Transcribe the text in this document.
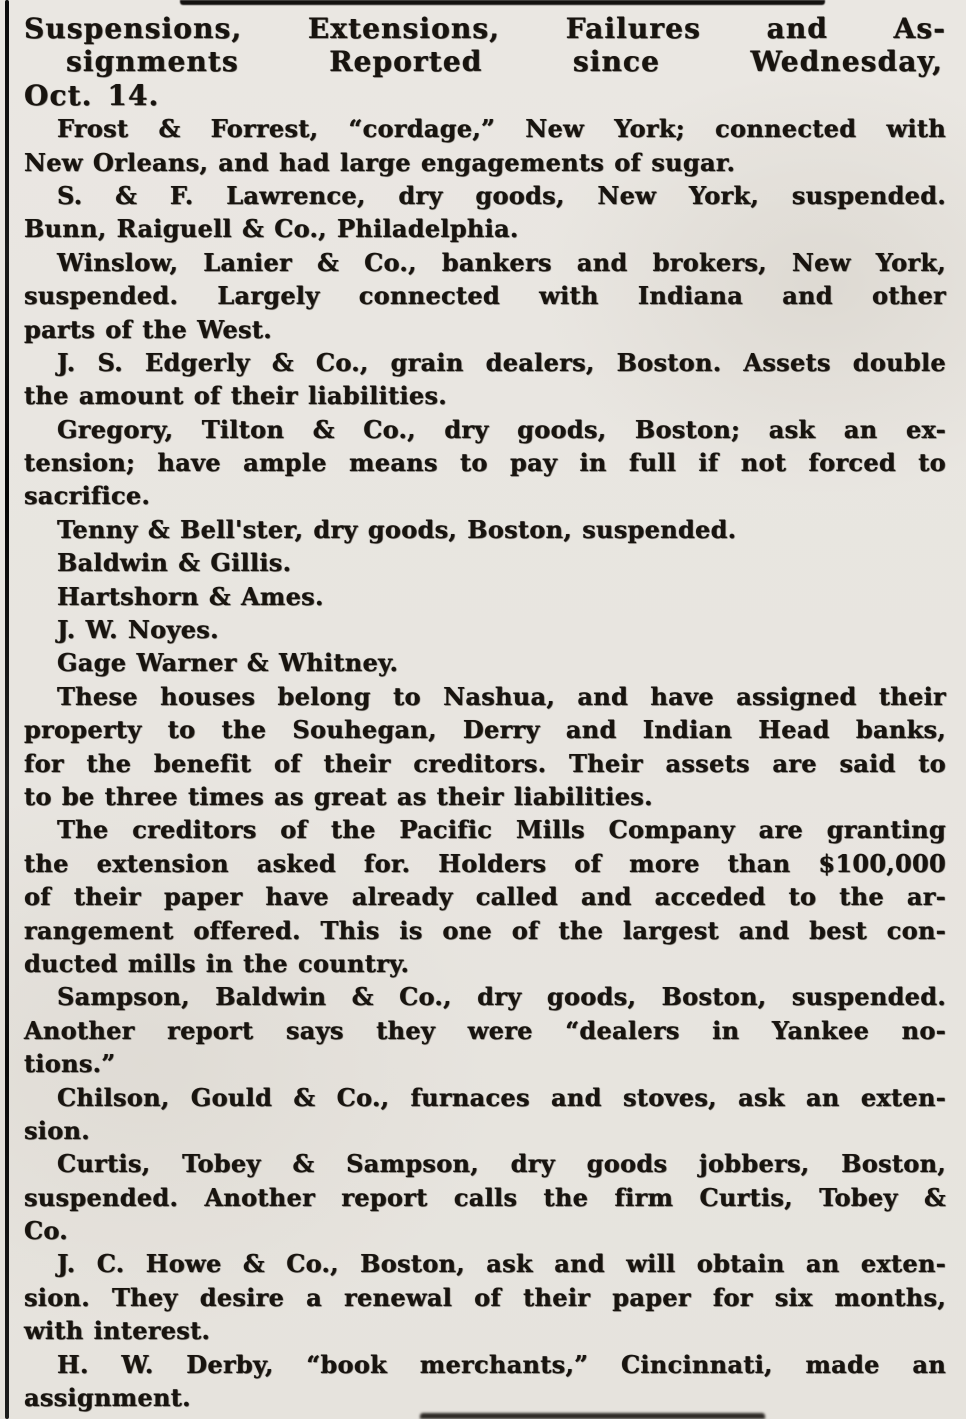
Suspensions, Extensions, Failures and As-
signments Reported since Wednesday,
Oct. 14.
Frost & Forrest, “cordage,” New York; connected with
New Orleans, and had large engagements of sugar.
S. & F. Lawrence, dry goods, New York, suspended.
Bunn, Raiguell & Co., Philadelphia.
Winslow, Lanier & Co., bankers and brokers, New York,
suspended. Largely connected with Indiana and other
parts of the West.
J. S. Edgerly & Co., grain dealers, Boston. Assets double
the amount of their liabilities.
Gregory, Tilton & Co., dry goods, Boston; ask an ex-
tension; have ample means to pay in full if not forced to
sacrifice.
Tenny & Bell'ster, dry goods, Boston, suspended.
Baldwin & Gillis.
Hartshorn & Ames.
J. W. Noyes.
Gage Warner & Whitney.
These houses belong to Nashua, and have assigned their
property to the Souhegan, Derry and Indian Head banks,
for the benefit of their creditors. Their assets are said to
to be three times as great as their liabilities.
The creditors of the Pacific Mills Company are granting
the extension asked for. Holders of more than $100,000
of their paper have already called and acceded to the ar-
rangement offered. This is one of the largest and best con-
ducted mills in the country.
Sampson, Baldwin & Co., dry goods, Boston, suspended.
Another report says they were “dealers in Yankee no-
tions.”
Chilson, Gould & Co., furnaces and stoves, ask an exten-
sion.
Curtis, Tobey & Sampson, dry goods jobbers, Boston,
suspended. Another report calls the firm Curtis, Tobey &
Co.
J. C. Howe & Co., Boston, ask and will obtain an exten-
sion. They desire a renewal of their paper for six months,
with interest.
H. W. Derby, “book merchants,” Cincinnati, made an
assignment.
